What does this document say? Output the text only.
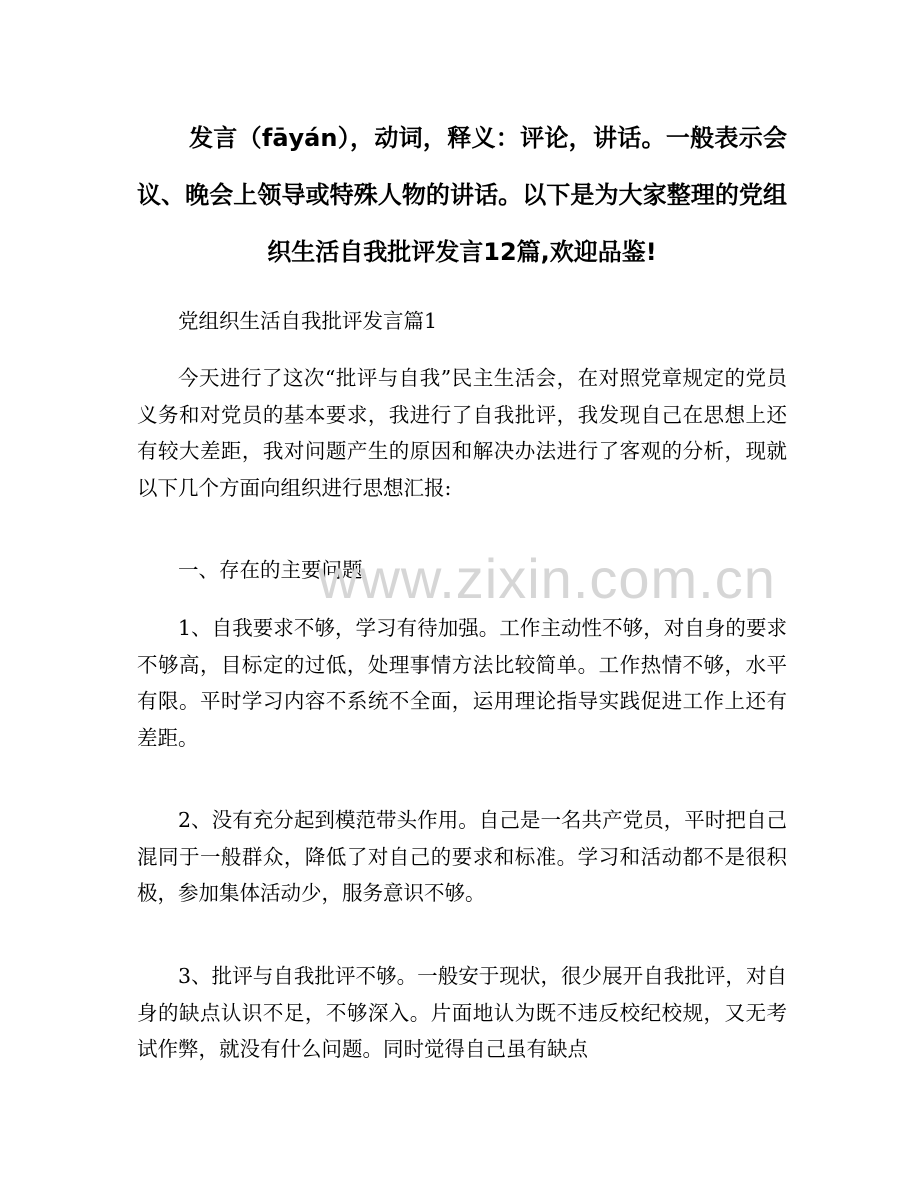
发言（fāyán），动词，释义：评论，讲话。一般表示会议、晚会上领导或特殊人物的讲话。以下是为大家整理的党组织生活自我批评发言12篇,欢迎品鉴!

党组织生活自我批评发言篇1

今天进行了这次“批评与自我”民主生活会，在对照党章规定的党员义务和对党员的基本要求，我进行了自我批评，我发现自己在思想上还有较大差距，我对问题产生的原因和解决办法进行了客观的分析，现就以下几个方面向组织进行思想汇报:

一、存在的主要问题

1、自我要求不够，学习有待加强。工作主动性不够，对自身的要求不够高，目标定的过低，处理事情方法比较简单。工作热情不够，水平有限。平时学习内容不系统不全面，运用理论指导实践促进工作上还有差距。

2、没有充分起到模范带头作用。自己是一名共产党员，平时把自己混同于一般群众，降低了对自己的要求和标准。学习和活动都不是很积极，参加集体活动少，服务意识不够。

3、批评与自我批评不够。一般安于现状，很少展开自我批评，对自身的缺点认识不足，不够深入。片面地认为既不违反校纪校规，又无考试作弊，就没有什么问题。同时觉得自己虽有缺点

www.zixin.com.cn
